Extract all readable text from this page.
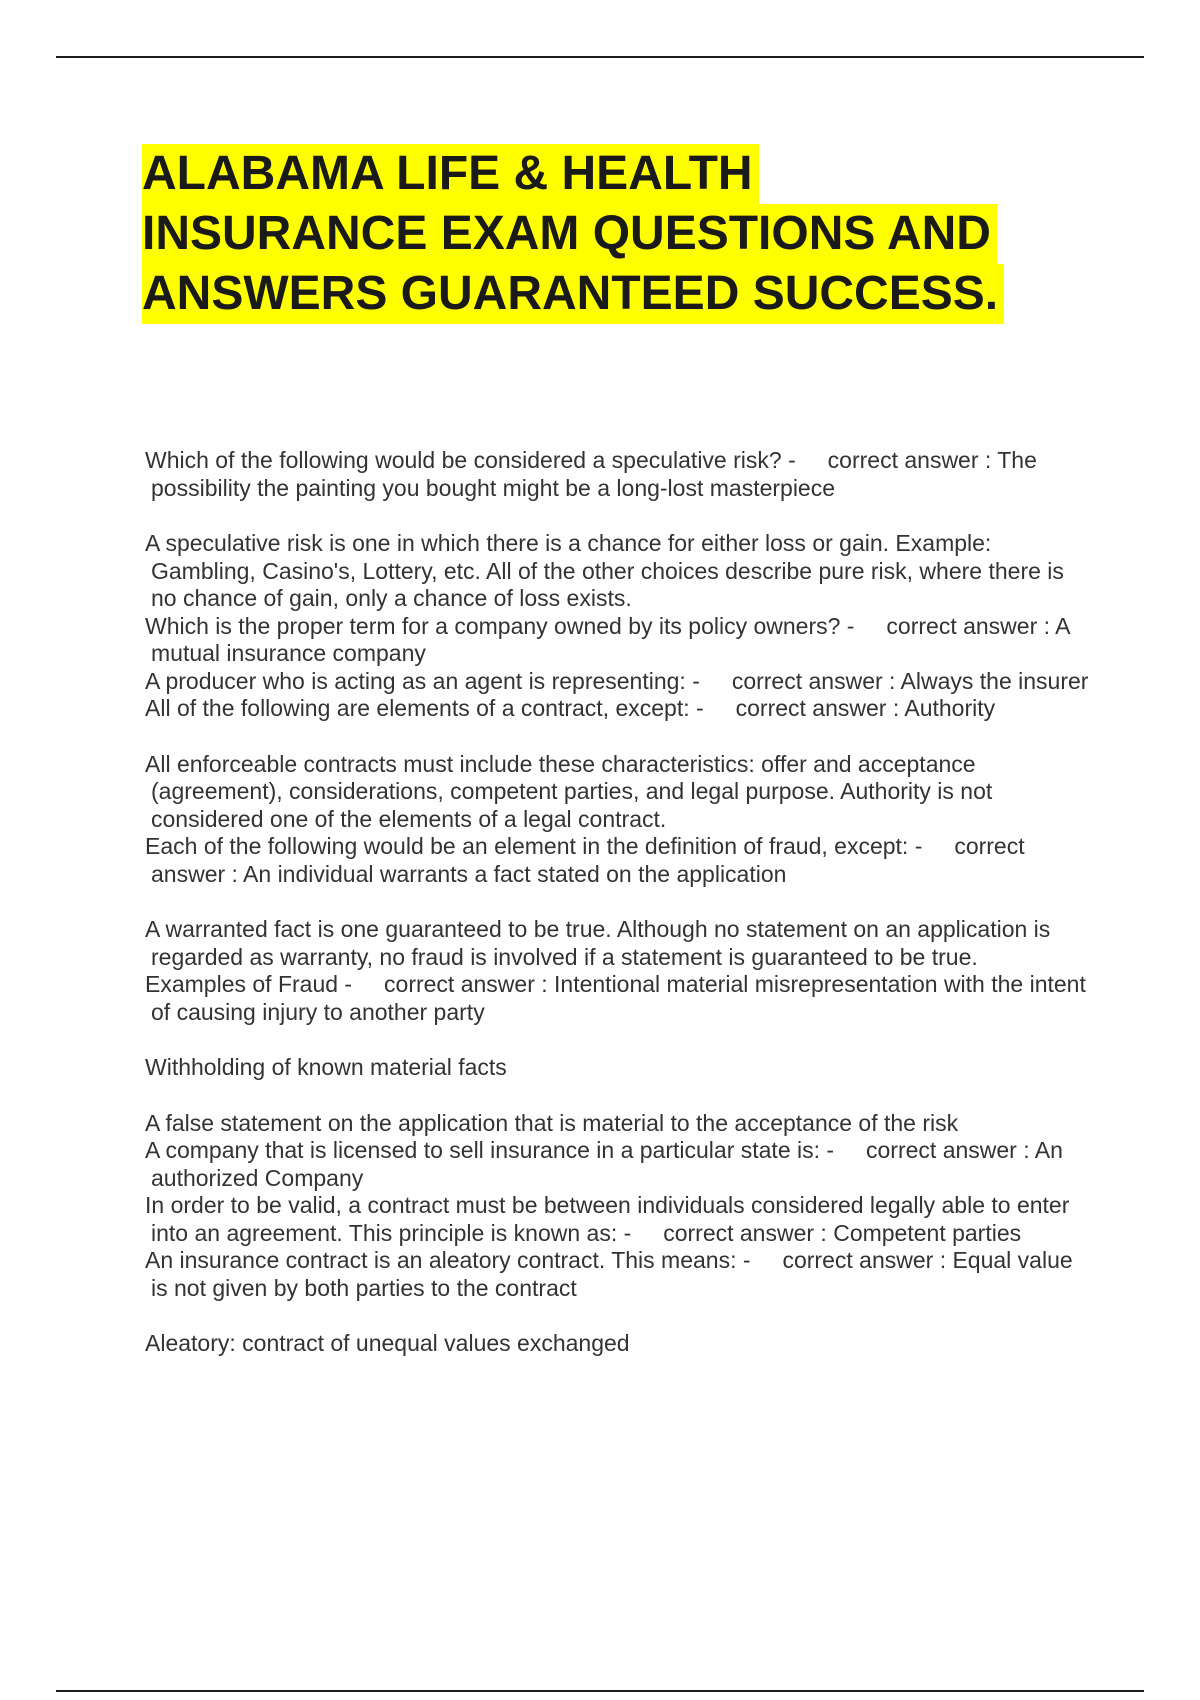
ALABAMA LIFE & HEALTH
INSURANCE EXAM QUESTIONS AND
ANSWERS GUARANTEED SUCCESS.

Which of the following would be considered a speculative risk? -     correct answer : The possibility the painting you bought might be a long-lost masterpiece

A speculative risk is one in which there is a chance for either loss or gain. Example: Gambling, Casino's, Lottery, etc. All of the other choices describe pure risk, where there is no chance of gain, only a chance of loss exists.

Which is the proper term for a company owned by its policy owners? -     correct answer : A mutual insurance company

A producer who is acting as an agent is representing: -     correct answer : Always the insurer

All of the following are elements of a contract, except: -     correct answer : Authority

All enforceable contracts must include these characteristics: offer and acceptance (agreement), considerations, competent parties, and legal purpose. Authority is not considered one of the elements of a legal contract.

Each of the following would be an element in the definition of fraud, except: -     correct answer : An individual warrants a fact stated on the application

A warranted fact is one guaranteed to be true. Although no statement on an application is regarded as warranty, no fraud is involved if a statement is guaranteed to be true.

Examples of Fraud -     correct answer : Intentional material misrepresentation with the intent of causing injury to another party

Withholding of known material facts

A false statement on the application that is material to the acceptance of the risk

A company that is licensed to sell insurance in a particular state is: -     correct answer : An authorized Company

In order to be valid, a contract must be between individuals considered legally able to enter into an agreement. This principle is known as: -     correct answer : Competent parties

An insurance contract is an aleatory contract. This means: -     correct answer : Equal value is not given by both parties to the contract

Aleatory: contract of unequal values exchanged
